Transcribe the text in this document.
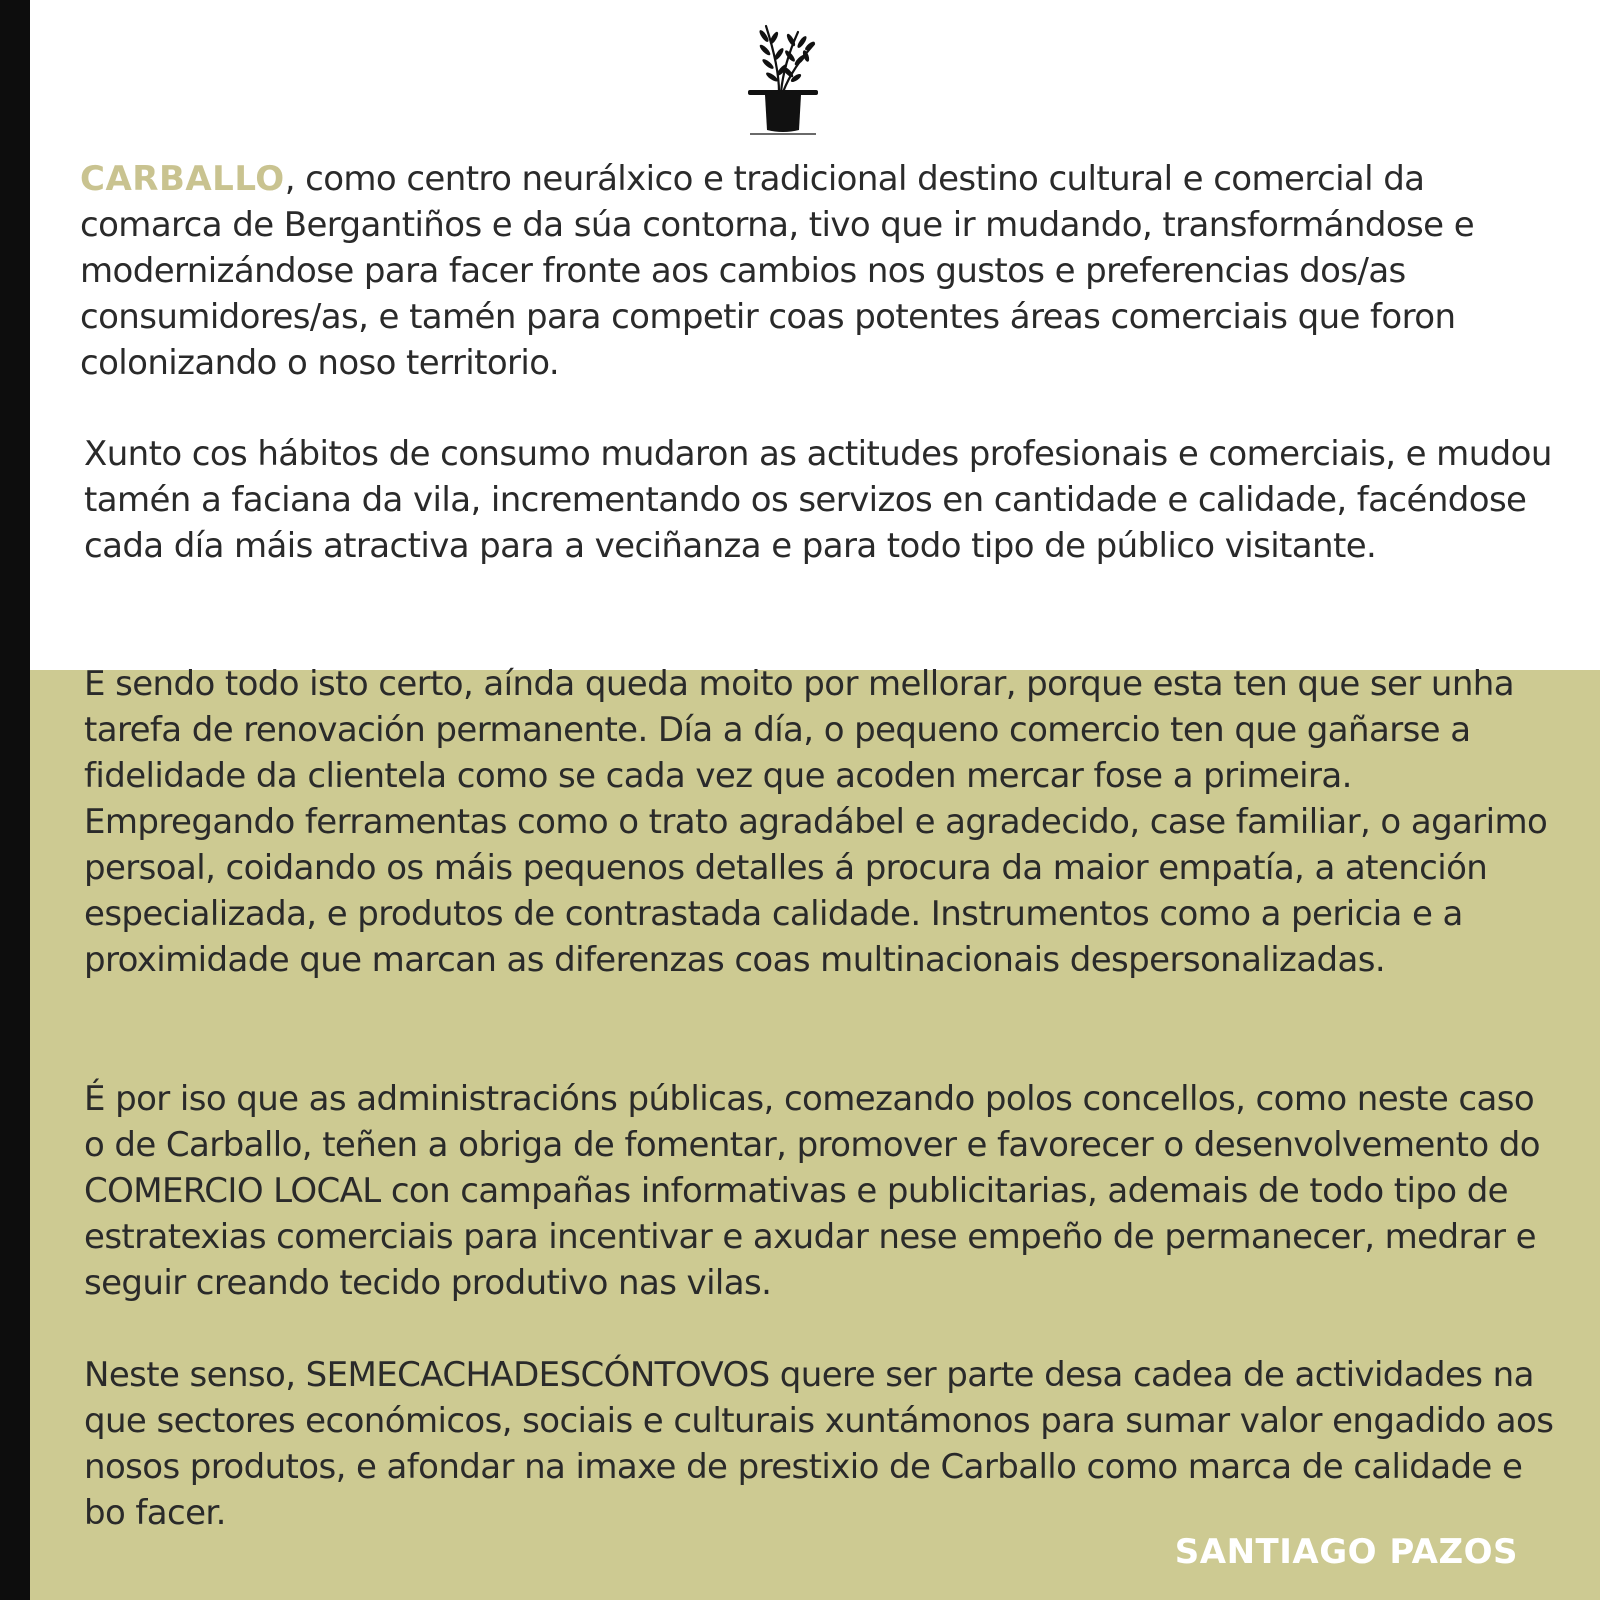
CARBALLO, como centro neurálxico e tradicional destino cultural e comercial da comarca de Bergantiños e da súa contorna, tivo que ir mudando, transformándose e modernizándose para facer fronte aos cambios nos gustos e preferencias dos/as consumidores/as, e tamén para competir coas potentes áreas comerciais que foron colonizando o noso territorio.

Xunto cos hábitos de consumo mudaron as actitudes profesionais e comerciais, e mudou tamén a faciana da vila, incrementando os servizos en cantidade e calidade, facéndose cada día máis atractiva para a veciñanza e para todo tipo de público visitante.

E sendo todo isto certo, aínda queda moito por mellorar, porque esta ten que ser unha tarefa de renovación permanente. Día a día, o pequeno comercio ten que gañarse a fidelidade da clientela como se cada vez que acoden mercar fose a primeira. Empregando ferramentas como o trato agradábel e agradecido, case familiar, o agarimo persoal, coidando os máis pequenos detalles á procura da maior empatía, a atención especializada, e produtos de contrastada calidade. Instrumentos como a pericia e a proximidade que marcan as diferenzas coas multinacionais despersonalizadas.

É por iso que as administracións públicas, comezando polos concellos, como neste caso o de Carballo, teñen a obriga de fomentar, promover e favorecer o desenvolvemento do COMERCIO LOCAL con campañas informativas e publicitarias, ademais de todo tipo de estratexias comerciais para incentivar e axudar nese empeño de permanecer, medrar e seguir creando tecido produtivo nas vilas.

Neste senso, SEMECACHADESCÓNTOVOS quere ser parte desa cadea de actividades na que sectores económicos, sociais e culturais xuntámonos para sumar valor engadido aos nosos produtos, e afondar na imaxe de prestixio de Carballo como marca de calidade e bo facer.

SANTIAGO PAZOS
